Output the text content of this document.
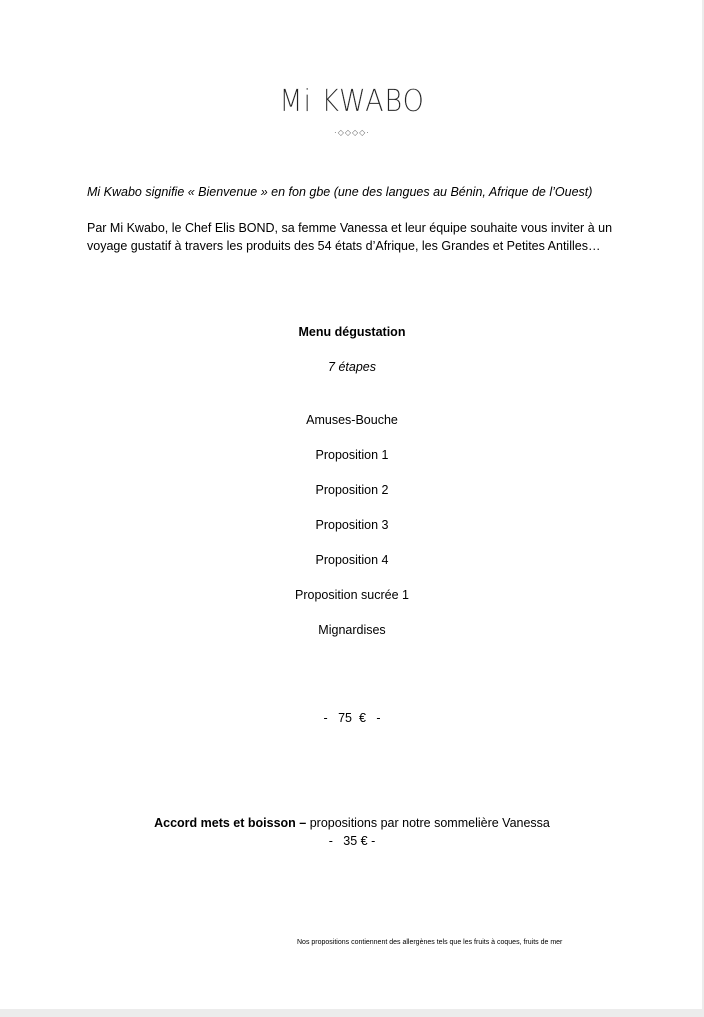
Mi KWABO
·◇◇◇◇·
Mi Kwabo signifie « Bienvenue » en fon gbe (une des langues au Bénin, Afrique de l’Ouest)
Par Mi Kwabo, le Chef Elis BOND, sa femme Vanessa et leur équipe souhaite vous inviter à un
voyage gustatif à travers les produits des 54 états d’Afrique, les Grandes et Petites Antilles…
Menu dégustation
7 étapes
Amuses-Bouche
Proposition 1
Proposition 2
Proposition 3
Proposition 4
Proposition sucrée 1
Mignardises
-   75  €   -
Accord mets et boisson – propositions par notre sommelière Vanessa
-   35 € -
Nos propositions contiennent des allergènes tels que les fruits à coques, fruits de mer
